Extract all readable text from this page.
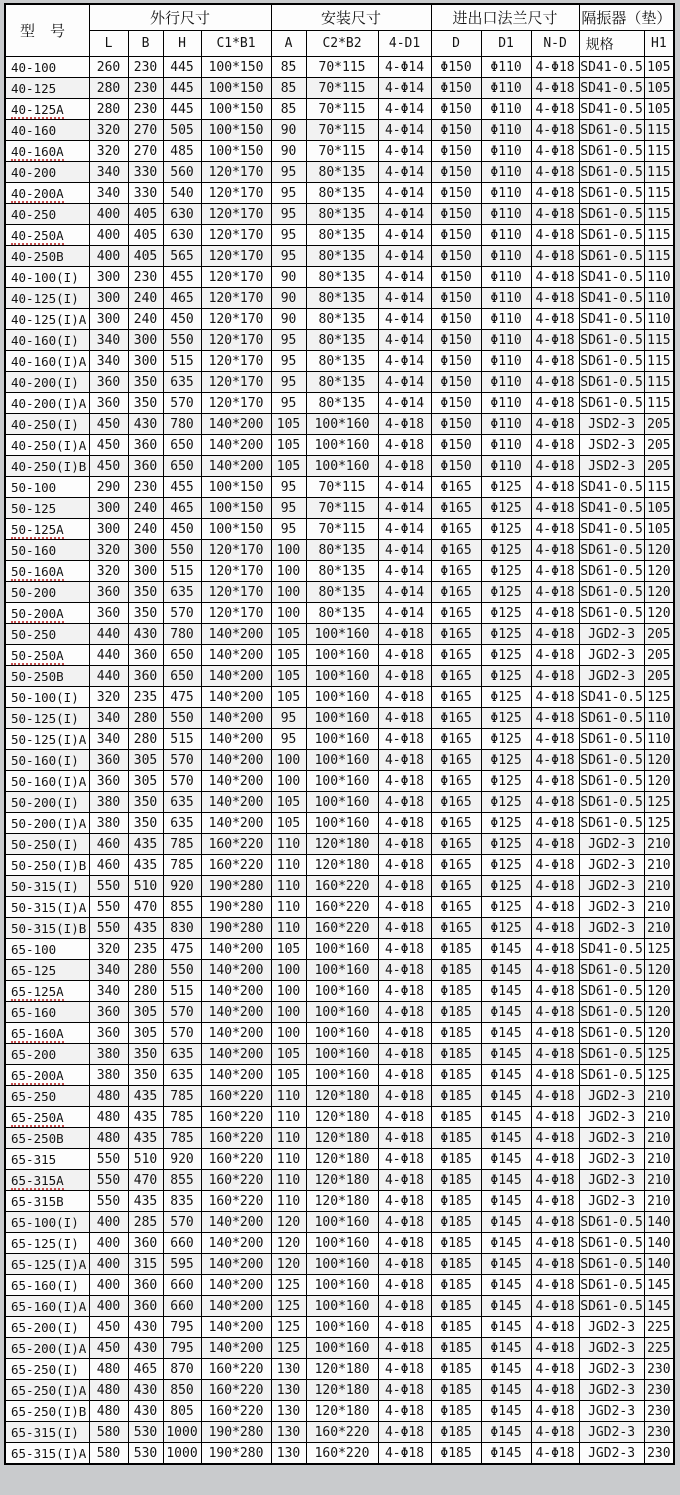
型　号	外行尺寸				安装尺寸			进出口法兰尺寸			隔振器（垫）	
	L	B	H	C1*B1	A	C2*B2	4-D1	D	D1	N-D	规格	H1
40-100	260	230	445	100*150	85	70*115	4-Φ14	Φ150	Φ110	4-Φ18	SD41-0.5	105
40-125	280	230	445	100*150	85	70*115	4-Φ14	Φ150	Φ110	4-Φ18	SD41-0.5	105
40-125A	280	230	445	100*150	85	70*115	4-Φ14	Φ150	Φ110	4-Φ18	SD41-0.5	105
40-160	320	270	505	100*150	90	70*115	4-Φ14	Φ150	Φ110	4-Φ18	SD61-0.5	115
40-160A	320	270	485	100*150	90	70*115	4-Φ14	Φ150	Φ110	4-Φ18	SD61-0.5	115
40-200	340	330	560	120*170	95	80*135	4-Φ14	Φ150	Φ110	4-Φ18	SD61-0.5	115
40-200A	340	330	540	120*170	95	80*135	4-Φ14	Φ150	Φ110	4-Φ18	SD61-0.5	115
40-250	400	405	630	120*170	95	80*135	4-Φ14	Φ150	Φ110	4-Φ18	SD61-0.5	115
40-250A	400	405	630	120*170	95	80*135	4-Φ14	Φ150	Φ110	4-Φ18	SD61-0.5	115
40-250B	400	405	565	120*170	95	80*135	4-Φ14	Φ150	Φ110	4-Φ18	SD61-0.5	115
40-100(I)	300	230	455	120*170	90	80*135	4-Φ14	Φ150	Φ110	4-Φ18	SD41-0.5	110
40-125(I)	300	240	465	120*170	90	80*135	4-Φ14	Φ150	Φ110	4-Φ18	SD41-0.5	110
40-125(I)A	300	240	450	120*170	90	80*135	4-Φ14	Φ150	Φ110	4-Φ18	SD41-0.5	110
40-160(I)	340	300	550	120*170	95	80*135	4-Φ14	Φ150	Φ110	4-Φ18	SD61-0.5	115
40-160(I)A	340	300	515	120*170	95	80*135	4-Φ14	Φ150	Φ110	4-Φ18	SD61-0.5	115
40-200(I)	360	350	635	120*170	95	80*135	4-Φ14	Φ150	Φ110	4-Φ18	SD61-0.5	115
40-200(I)A	360	350	570	120*170	95	80*135	4-Φ14	Φ150	Φ110	4-Φ18	SD61-0.5	115
40-250(I)	450	430	780	140*200	105	100*160	4-Φ18	Φ150	Φ110	4-Φ18	JSD2-3	205
40-250(I)A	450	360	650	140*200	105	100*160	4-Φ18	Φ150	Φ110	4-Φ18	JSD2-3	205
40-250(I)B	450	360	650	140*200	105	100*160	4-Φ18	Φ150	Φ110	4-Φ18	JSD2-3	205
50-100	290	230	455	100*150	95	70*115	4-Φ14	Φ165	Φ125	4-Φ18	SD41-0.5	115
50-125	300	240	465	100*150	95	70*115	4-Φ14	Φ165	Φ125	4-Φ18	SD41-0.5	105
50-125A	300	240	450	100*150	95	70*115	4-Φ14	Φ165	Φ125	4-Φ18	SD41-0.5	105
50-160	320	300	550	120*170	100	80*135	4-Φ14	Φ165	Φ125	4-Φ18	SD61-0.5	120
50-160A	320	300	515	120*170	100	80*135	4-Φ14	Φ165	Φ125	4-Φ18	SD61-0.5	120
50-200	360	350	635	120*170	100	80*135	4-Φ14	Φ165	Φ125	4-Φ18	SD61-0.5	120
50-200A	360	350	570	120*170	100	80*135	4-Φ14	Φ165	Φ125	4-Φ18	SD61-0.5	120
50-250	440	430	780	140*200	105	100*160	4-Φ18	Φ165	Φ125	4-Φ18	JGD2-3	205
50-250A	440	360	650	140*200	105	100*160	4-Φ18	Φ165	Φ125	4-Φ18	JGD2-3	205
50-250B	440	360	650	140*200	105	100*160	4-Φ18	Φ165	Φ125	4-Φ18	JGD2-3	205
50-100(I)	320	235	475	140*200	105	100*160	4-Φ18	Φ165	Φ125	4-Φ18	SD41-0.5	125
50-125(I)	340	280	550	140*200	95	100*160	4-Φ18	Φ165	Φ125	4-Φ18	SD61-0.5	110
50-125(I)A	340	280	515	140*200	95	100*160	4-Φ18	Φ165	Φ125	4-Φ18	SD61-0.5	110
50-160(I)	360	305	570	140*200	100	100*160	4-Φ18	Φ165	Φ125	4-Φ18	SD61-0.5	120
50-160(I)A	360	305	570	140*200	100	100*160	4-Φ18	Φ165	Φ125	4-Φ18	SD61-0.5	120
50-200(I)	380	350	635	140*200	105	100*160	4-Φ18	Φ165	Φ125	4-Φ18	SD61-0.5	125
50-200(I)A	380	350	635	140*200	105	100*160	4-Φ18	Φ165	Φ125	4-Φ18	SD61-0.5	125
50-250(I)	460	435	785	160*220	110	120*180	4-Φ18	Φ165	Φ125	4-Φ18	JGD2-3	210
50-250(I)B	460	435	785	160*220	110	120*180	4-Φ18	Φ165	Φ125	4-Φ18	JGD2-3	210
50-315(I)	550	510	920	190*280	110	160*220	4-Φ18	Φ165	Φ125	4-Φ18	JGD2-3	210
50-315(I)A	550	470	855	190*280	110	160*220	4-Φ18	Φ165	Φ125	4-Φ18	JGD2-3	210
50-315(I)B	550	435	830	190*280	110	160*220	4-Φ18	Φ165	Φ125	4-Φ18	JGD2-3	210
65-100	320	235	475	140*200	105	100*160	4-Φ18	Φ185	Φ145	4-Φ18	SD41-0.5	125
65-125	340	280	550	140*200	100	100*160	4-Φ18	Φ185	Φ145	4-Φ18	SD61-0.5	120
65-125A	340	280	515	140*200	100	100*160	4-Φ18	Φ185	Φ145	4-Φ18	SD61-0.5	120
65-160	360	305	570	140*200	100	100*160	4-Φ18	Φ185	Φ145	4-Φ18	SD61-0.5	120
65-160A	360	305	570	140*200	100	100*160	4-Φ18	Φ185	Φ145	4-Φ18	SD61-0.5	120
65-200	380	350	635	140*200	105	100*160	4-Φ18	Φ185	Φ145	4-Φ18	SD61-0.5	125
65-200A	380	350	635	140*200	105	100*160	4-Φ18	Φ185	Φ145	4-Φ18	SD61-0.5	125
65-250	480	435	785	160*220	110	120*180	4-Φ18	Φ185	Φ145	4-Φ18	JGD2-3	210
65-250A	480	435	785	160*220	110	120*180	4-Φ18	Φ185	Φ145	4-Φ18	JGD2-3	210
65-250B	480	435	785	160*220	110	120*180	4-Φ18	Φ185	Φ145	4-Φ18	JGD2-3	210
65-315	550	510	920	160*220	110	120*180	4-Φ18	Φ185	Φ145	4-Φ18	JGD2-3	210
65-315A	550	470	855	160*220	110	120*180	4-Φ18	Φ185	Φ145	4-Φ18	JGD2-3	210
65-315B	550	435	835	160*220	110	120*180	4-Φ18	Φ185	Φ145	4-Φ18	JGD2-3	210
65-100(I)	400	285	570	140*200	120	100*160	4-Φ18	Φ185	Φ145	4-Φ18	SD61-0.5	140
65-125(I)	400	360	660	140*200	120	100*160	4-Φ18	Φ185	Φ145	4-Φ18	SD61-0.5	140
65-125(I)A	400	315	595	140*200	120	100*160	4-Φ18	Φ185	Φ145	4-Φ18	SD61-0.5	140
65-160(I)	400	360	660	140*200	125	100*160	4-Φ18	Φ185	Φ145	4-Φ18	SD61-0.5	145
65-160(I)A	400	360	660	140*200	125	100*160	4-Φ18	Φ185	Φ145	4-Φ18	SD61-0.5	145
65-200(I)	450	430	795	140*200	125	100*160	4-Φ18	Φ185	Φ145	4-Φ18	JGD2-3	225
65-200(I)A	450	430	795	140*200	125	100*160	4-Φ18	Φ185	Φ145	4-Φ18	JGD2-3	225
65-250(I)	480	465	870	160*220	130	120*180	4-Φ18	Φ185	Φ145	4-Φ18	JGD2-3	230
65-250(I)A	480	430	850	160*220	130	120*180	4-Φ18	Φ185	Φ145	4-Φ18	JGD2-3	230
65-250(I)B	480	430	805	160*220	130	120*180	4-Φ18	Φ185	Φ145	4-Φ18	JGD2-3	230
65-315(I)	580	530	1000	190*280	130	160*220	4-Φ18	Φ185	Φ145	4-Φ18	JGD2-3	230
65-315(I)A	580	530	1000	190*280	130	160*220	4-Φ18	Φ185	Φ145	4-Φ18	JGD2-3	230
